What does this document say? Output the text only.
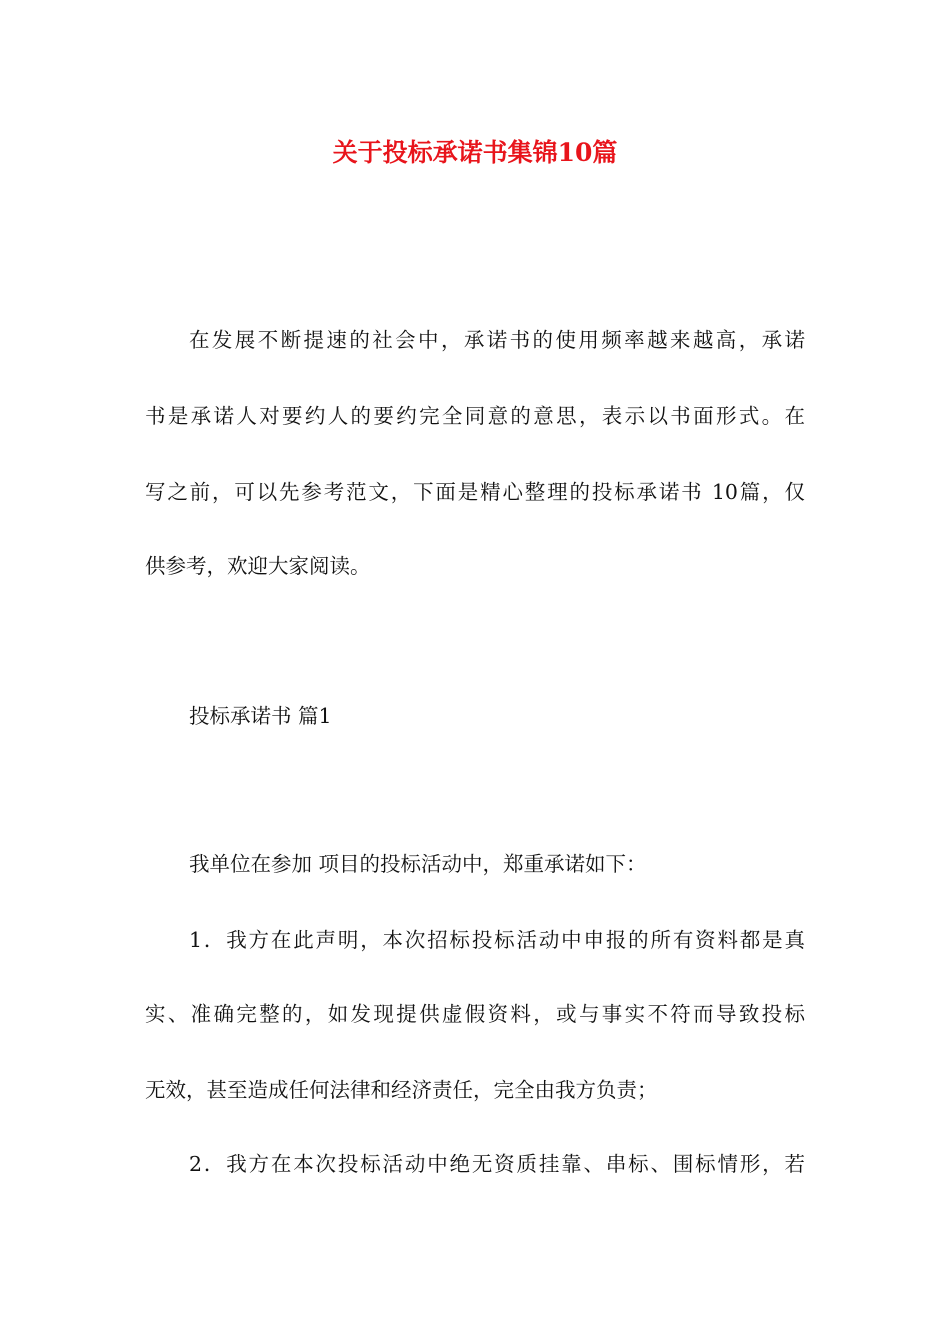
关于投标承诺书集锦10篇
在发展不断提速的社会中，承诺书的使用频率越来越高，承诺
书是承诺人对要约人的要约完全同意的意思，表示以书面形式。在
写之前，可以先参考范文，下面是精心整理的投标承诺书 10篇，仅
供参考，欢迎大家阅读。
投标承诺书 篇1
我单位在参加 项目的投标活动中，郑重承诺如下：
1．我方在此声明，本次招标投标活动中申报的所有资料都是真
实、准确完整的，如发现提供虚假资料，或与事实不符而导致投标
无效，甚至造成任何法律和经济责任，完全由我方负责；
2．我方在本次投标活动中绝无资质挂靠、串标、围标情形，若
